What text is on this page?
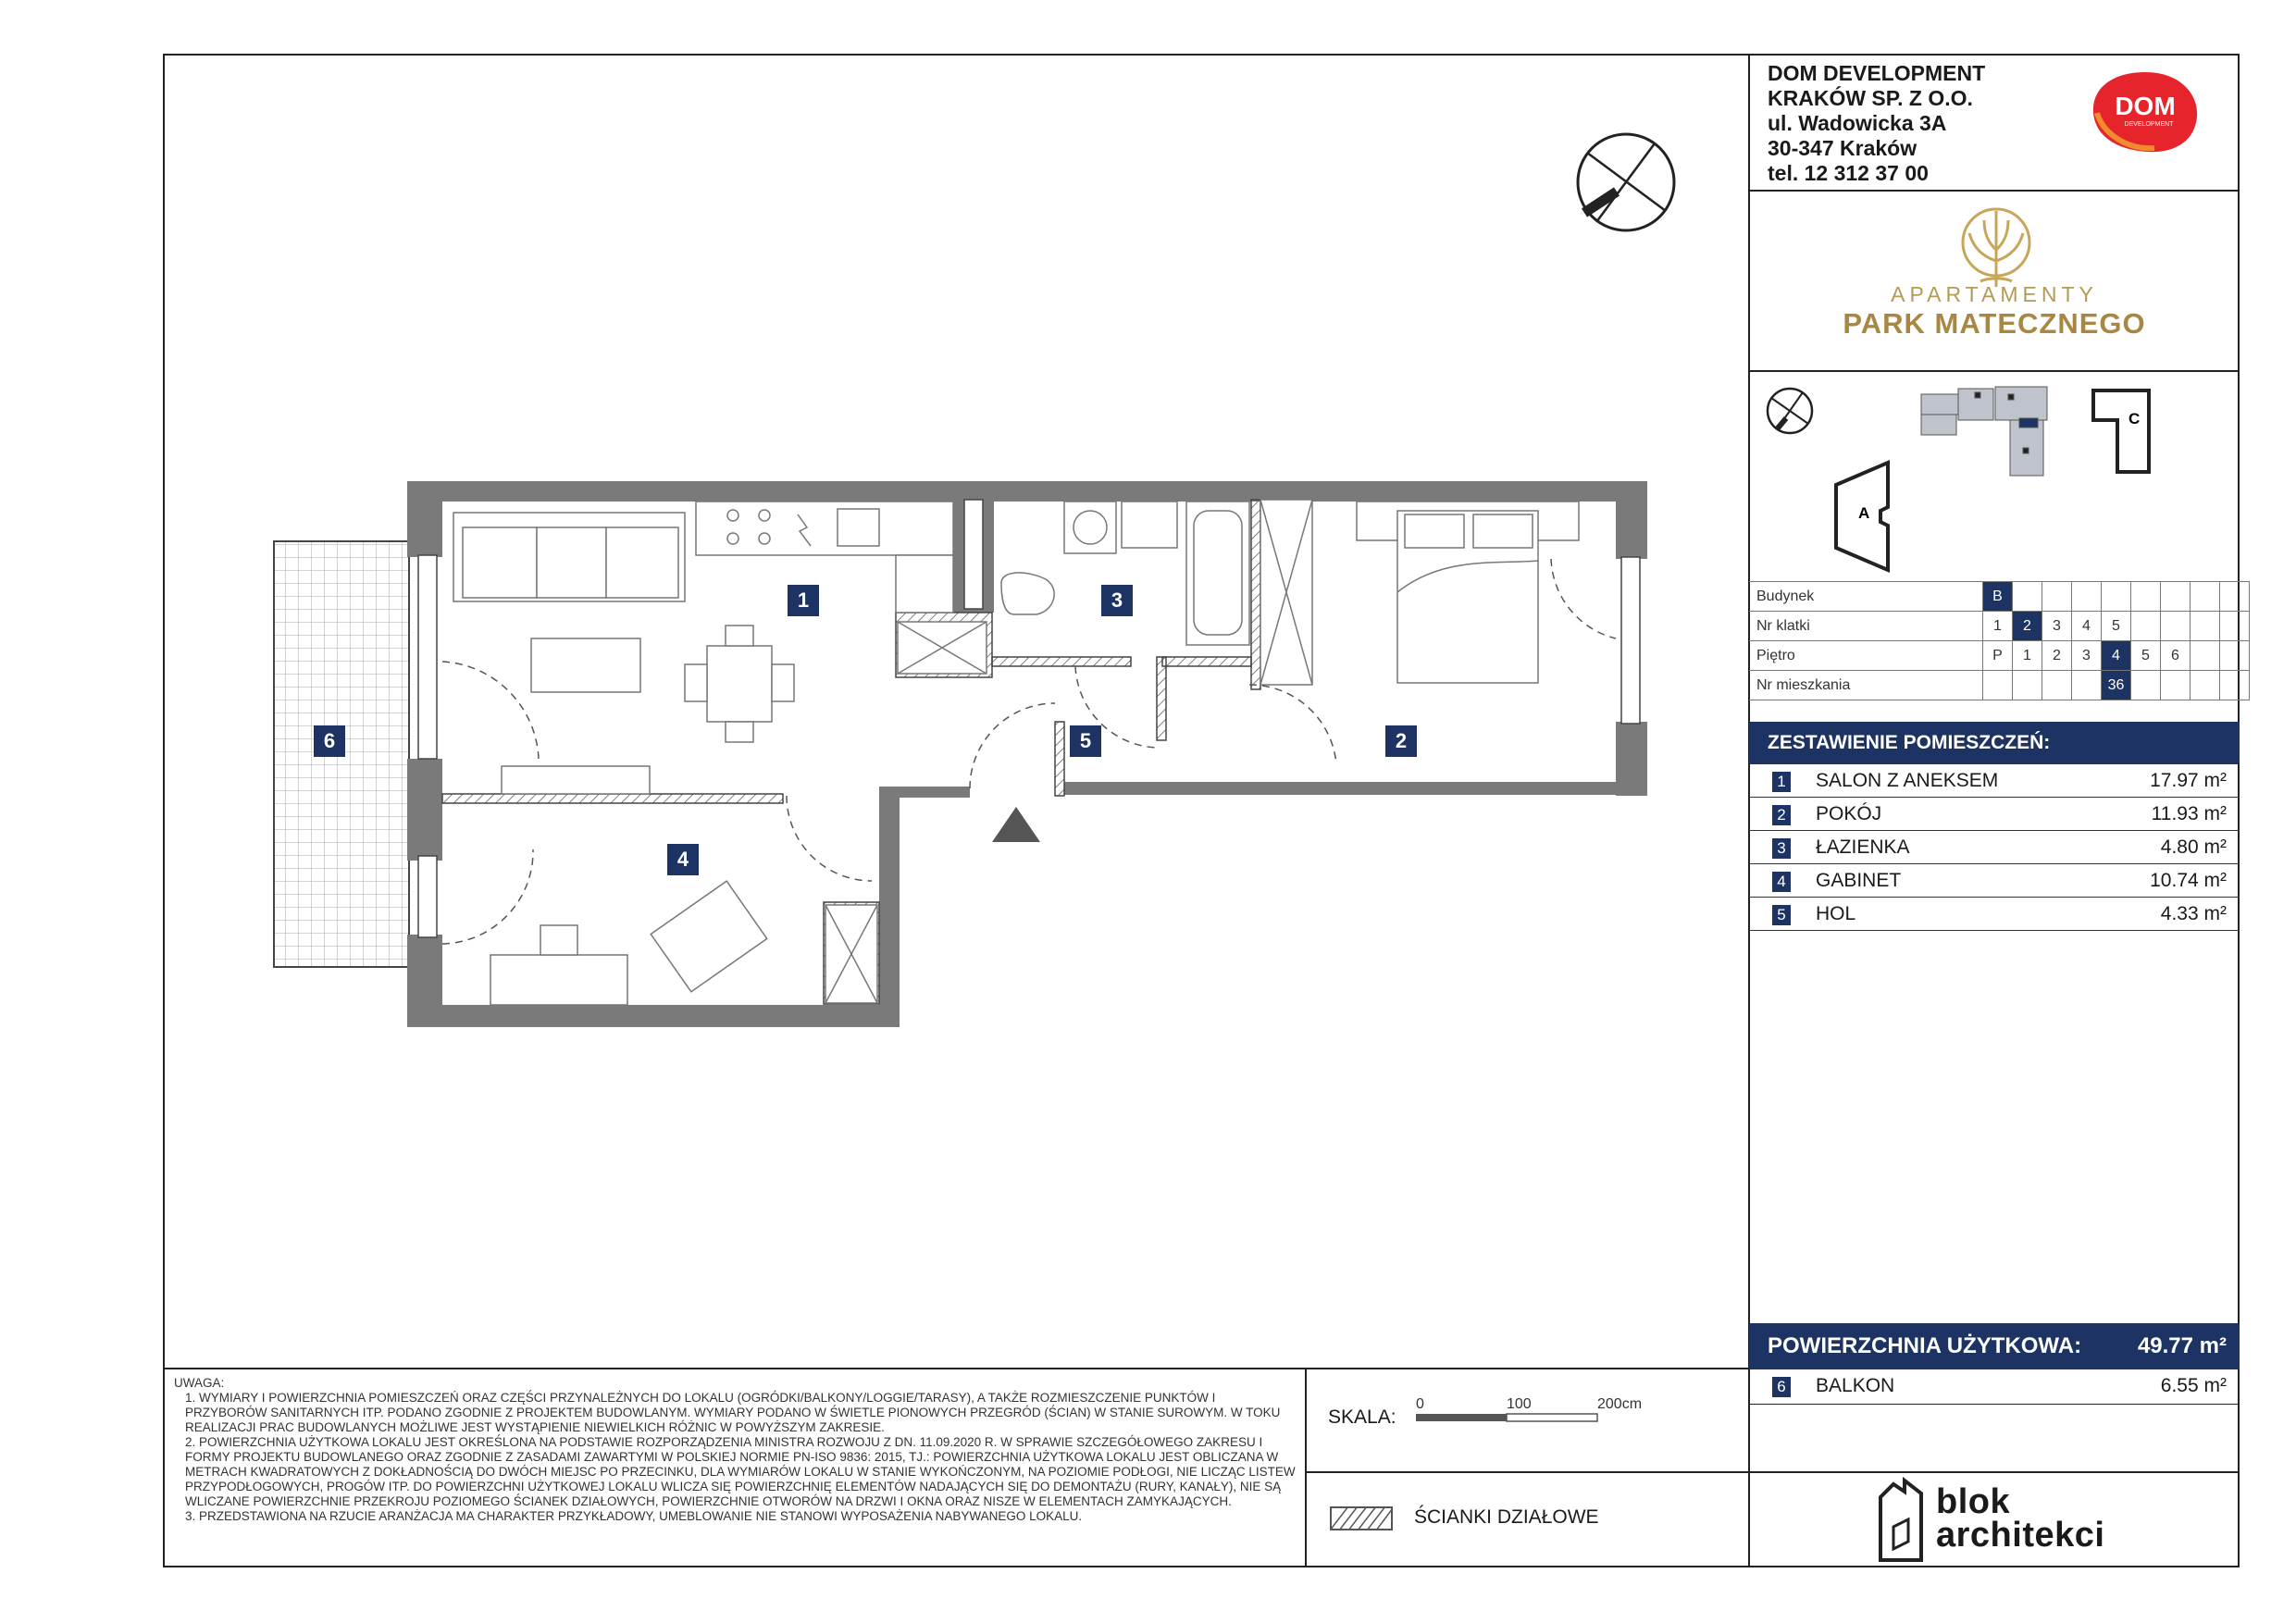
DOM DEVELOPMENT
KRAKÓW SP. Z O.O.
ul. Wadowicka 3A
30-347 Kraków
tel. 12 312 37 00
DOM
DEVELOPMENT
APARTAMENTY
PARK MATECZNEGO
A
C
Budynek	B								
Nr klatki	1	2	3	4	5				
Piętro	P	1	2	3	4	5	6		
Nr mieszkania					36				
ZESTAWIENIE POMIESZCZEŃ:
1 SALON Z ANEKSEM	17.97 m²
2 POKÓJ	11.93 m²
3 ŁAZIENKA	4.80 m²
4 GABINET	10.74 m²
5 HOL	4.33 m²
POWIERZCHNIA UŻYTKOWA:	49.77 m²
6 BALKON	6.55 m²

UWAGA:

1. WYMIARY I POWIERZCHNIA POMIESZCZEŃ ORAZ CZĘŚCI PRZYNALEŻNYCH DO LOKALU (OGRÓDKI/BALKONY/LOGGIE/TARASY), A TAKŻE ROZMIESZCZENIE PUNKTÓW I PRZYBORÓW SANITARNYCH ITP. PODANO ZGODNIE Z PROJEKTEM BUDOWLANYM. WYMIARY PODANO W ŚWIETLE PIONOWYCH PRZEGRÓD (ŚCIAN) W STANIE SUROWYM. W TOKU REALIZACJI PRAC BUDOWLANYCH MOŻLIWE JEST WYSTĄPIENIE NIEWIELKICH RÓŻNIC W POWYŻSZYM ZAKRESIE.

2. POWIERZCHNIA UŻYTKOWA LOKALU JEST OKREŚLONA NA PODSTAWIE ROZPORZĄDZENIA MINISTRA ROZWOJU Z DN. 11.09.2020 R. W SPRAWIE SZCZEGÓŁOWEGO ZAKRESU I FORMY PROJEKTU BUDOWLANEGO ORAZ ZGODNIE Z ZASADAMI ZAWARTYMI W POLSKIEJ NORMIE PN-ISO 9836: 2015, TJ.: POWIERZCHNIA UŻYTKOWA LOKALU JEST OBLICZANA W METRACH KWADRATOWYCH Z DOKŁADNOŚCIĄ DO DWÓCH MIEJSC PO PRZECINKU, DLA WYMIARÓW LOKALU W STANIE WYKOŃCZONYM, NA POZIOMIE PODŁOGI, NIE LICZĄC LISTEW PRZYPODŁOGOWYCH, PROGÓW ITP. DO POWIERZCHNI UŻYTKOWEJ LOKALU WLICZA SIĘ POWIERZCHNIĘ ELEMENTÓW NADAJĄCYCH SIĘ DO DEMONTAŻU (RURY, KANAŁY), NIE SĄ WLICZANE POWIERZCHNIE PRZEKROJU POZIOMEGO ŚCIANEK DZIAŁOWYCH, POWIERZCHNIE OTWORÓW NA DRZWI I OKNA ORAZ NISZE W ELEMENTACH ZAMYKAJĄCYCH.

3. PRZEDSTAWIONA NA RZUCIE ARANŻACJA MA CHARAKTER PRZYKŁADOWY, UMEBLOWANIE NIE STANOWI WYPOSAŻENIA NABYWANEGO LOKALU.

SKALA:
0	100	200cm
ŚCIANKI DZIAŁOWE	blok
architekci
1
2
3
4
5
6
